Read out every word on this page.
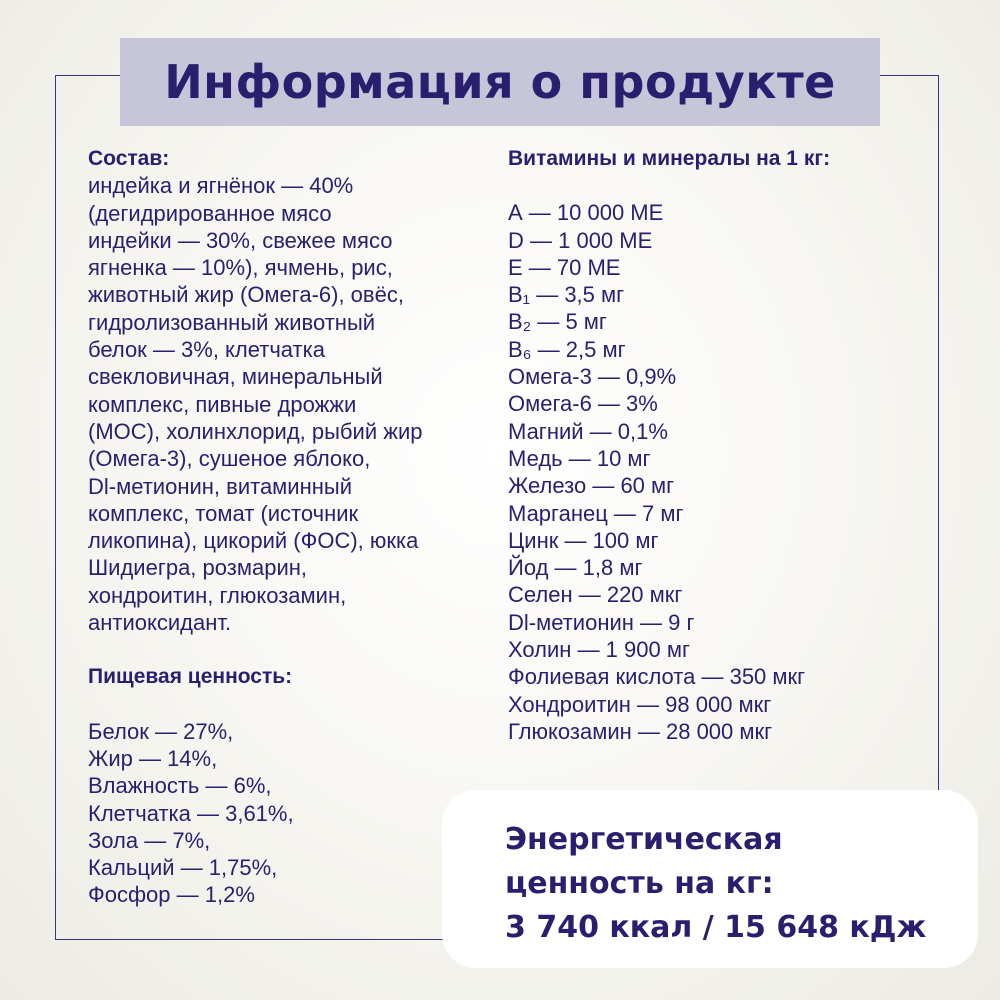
Информация о продукте
Состав:
индейка и ягнёнок — 40%
(дегидрированное мясо
индейки — 30%, свежее мясо
ягненка — 10%), ячмень, рис,
животный жир (Омега-6), овёс,
гидролизованный животный
белок — 3%, клетчатка
свекловичная, минеральный
комплекс, пивные дрожжи
(МОС), холинхлорид, рыбий жир
(Омега-3), сушеное яблоко,
Dl-метионин, витаминный
комплекс, томат (источник
ликопина), цикорий (ФОС), юкка
Шидиегра, розмарин,
хондроитин, глюкозамин,
антиоксидант.
Пищевая ценность:
Белок — 27%,
Жир — 14%,
Влажность — 6%,
Клетчатка — 3,61%,
Зола — 7%,
Кальций — 1,75%,
Фосфор — 1,2%
Витамины и минералы на 1 кг:
А — 10 000 МЕ
D — 1 000 МЕ
Е — 70 МЕ
В₁ — 3,5 мг
В₂ — 5 мг
В₆ — 2,5 мг
Омега-3 — 0,9%
Омега-6 — 3%
Магний — 0,1%
Медь — 10 мг
Железо — 60 мг
Марганец — 7 мг
Цинк — 100 мг
Йод — 1,8 мг
Селен — 220 мкг
Dl-метионин — 9 г
Холин — 1 900 мг
Фолиевая кислота — 350 мкг
Хондроитин — 98 000 мкг
Глюкозамин — 28 000 мкг
Энергетическая
ценность на кг:
3 740 ккал / 15 648 кДж
